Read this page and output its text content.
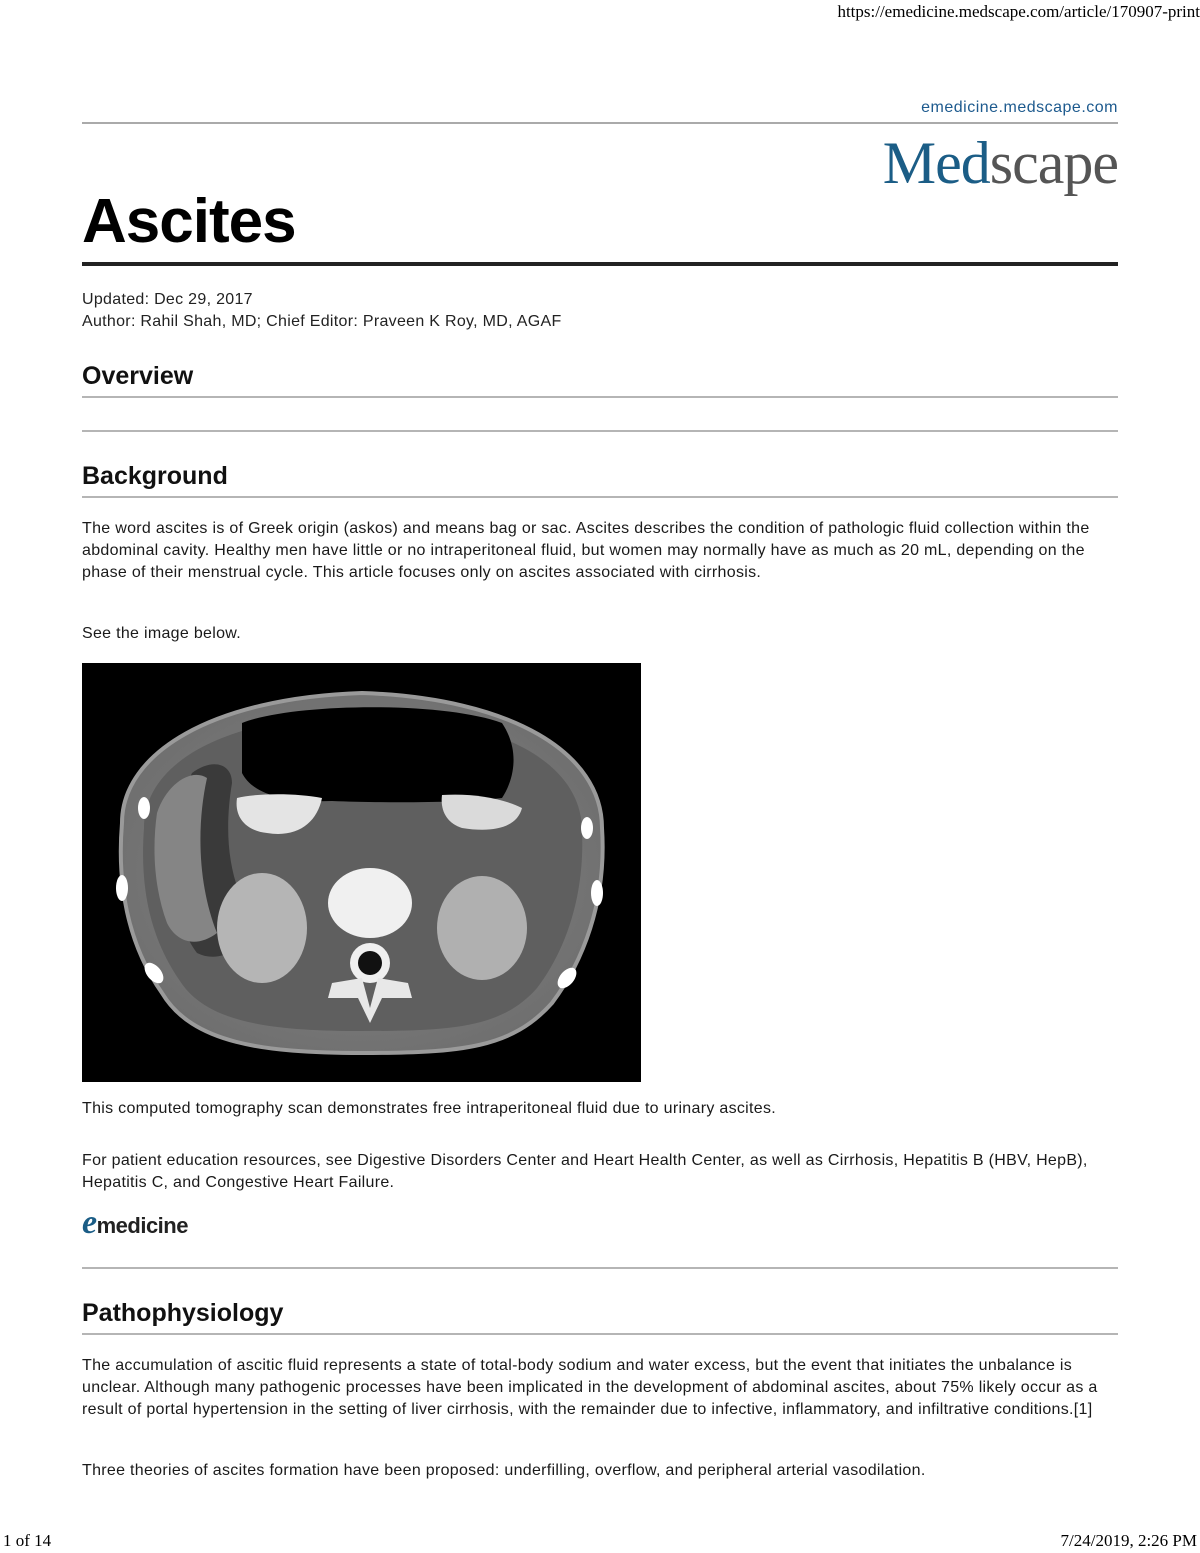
https://emedicine.medscape.com/article/170907-print
emedicine.medscape.com
Medscape
Ascites
Updated: Dec 29, 2017
Author: Rahil Shah, MD; Chief Editor: Praveen K Roy, MD, AGAF
Overview
Background

The word ascites is of Greek origin (askos) and means bag or sac. Ascites describes the condition of pathologic fluid collection within the abdominal cavity. Healthy men have little or no intraperitoneal fluid, but women may normally have as much as 20 mL, depending on the phase of their menstrual cycle. This article focuses only on ascites associated with cirrhosis.

See the image below.

This computed tomography scan demonstrates free intraperitoneal fluid due to urinary ascites.

For patient education resources, see Digestive Disorders Center and Heart Health Center, as well as Cirrhosis, Hepatitis B (HBV, HepB), Hepatitis C, and Congestive Heart Failure.

emedicine
Pathophysiology

The accumulation of ascitic fluid represents a state of total-body sodium and water excess, but the event that initiates the unbalance is unclear. Although many pathogenic processes have been implicated in the development of abdominal ascites, about 75% likely occur as a result of portal hypertension in the setting of liver cirrhosis, with the remainder due to infective, inflammatory, and infiltrative conditions.[1]

Three theories of ascites formation have been proposed: underfilling, overflow, and peripheral arterial vasodilation.

1 of 14	7/24/2019, 2:26 PM
